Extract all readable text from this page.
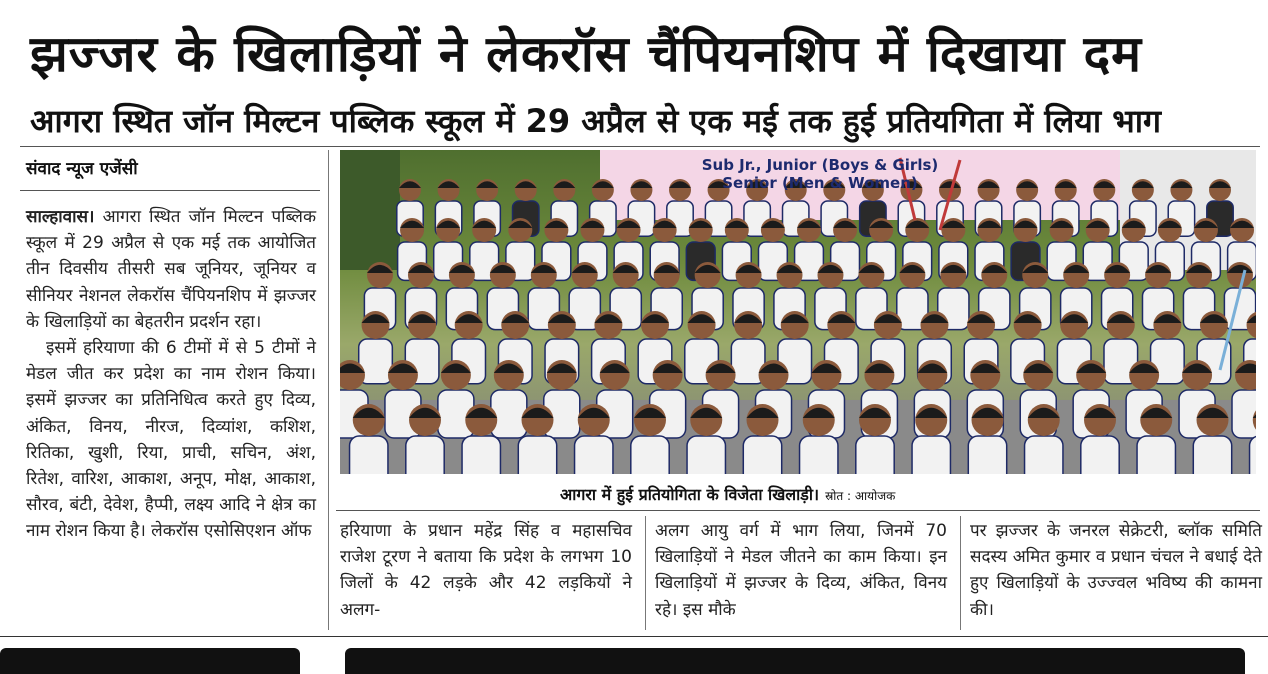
झज्जर के खिलाड़ियों ने लेकरॉस चैंपियनशिप में दिखाया दम
आगरा स्थित जॉन मिल्टन पब्लिक स्कूल में 29 अप्रैल से एक मई तक हुई प्रतियगिता में लिया भाग
संवाद न्यूज एजेंसी

साल्हावास। आगरा स्थित जॉन मिल्टन पब्लिक स्कूल में 29 अप्रैल से एक मई तक आयोजित तीन दिवसीय तीसरी सब जूनियर, जूनियर व सीनियर नेशनल लेकरॉस चैंपियनशिप में झज्जर के खिलाड़ियों का बेहतरीन प्रदर्शन रहा।

इसमें हरियाणा की 6 टीमों में से 5 टीमों ने मेडल जीत कर प्रदेश का नाम रोशन किया। इसमें झज्जर का प्रतिनिधित्व करते हुए दिव्य, अंकित, विनय, नीरज, दिव्यांश, कशिश, रितिका, खुशी, रिया, प्राची, सचिन, अंश, रितेश, वारिश, आकाश, अनूप, मोक्ष, आकाश, सौरव, बंटी, देवेश, हैप्पी, लक्ष्य आदि ने क्षेत्र का नाम रोशन किया है। लेकरॉस एसोसिएशन ऑफ

Sub Jr., Junior (Boys & Girls)
Senior (Men & Women)
आगरा में हुई प्रतियोगिता के विजेता खिलाड़ी। स्रोत : आयोजक
हरियाणा के प्रधान महेंद्र सिंह व महासचिव राजेश टूरण ने बताया कि प्रदेश के लगभग 10 जिलों के 42 लड़के और 42 लड़कियों ने अलग-
अलग आयु वर्ग में भाग लिया, जिनमें 70 खिलाड़ियों ने मेडल जीतने का काम किया। इन खिलाड़ियों में झज्जर के दिव्य, अंकित, विनय रहे। इस मौके
पर झज्जर के जनरल सेक्रेटरी, ब्लॉक समिति सदस्य अमित कुमार व प्रधान चंचल ने बधाई देते हुए खिलाड़ियों के उज्ज्वल भविष्य की कामना की।
